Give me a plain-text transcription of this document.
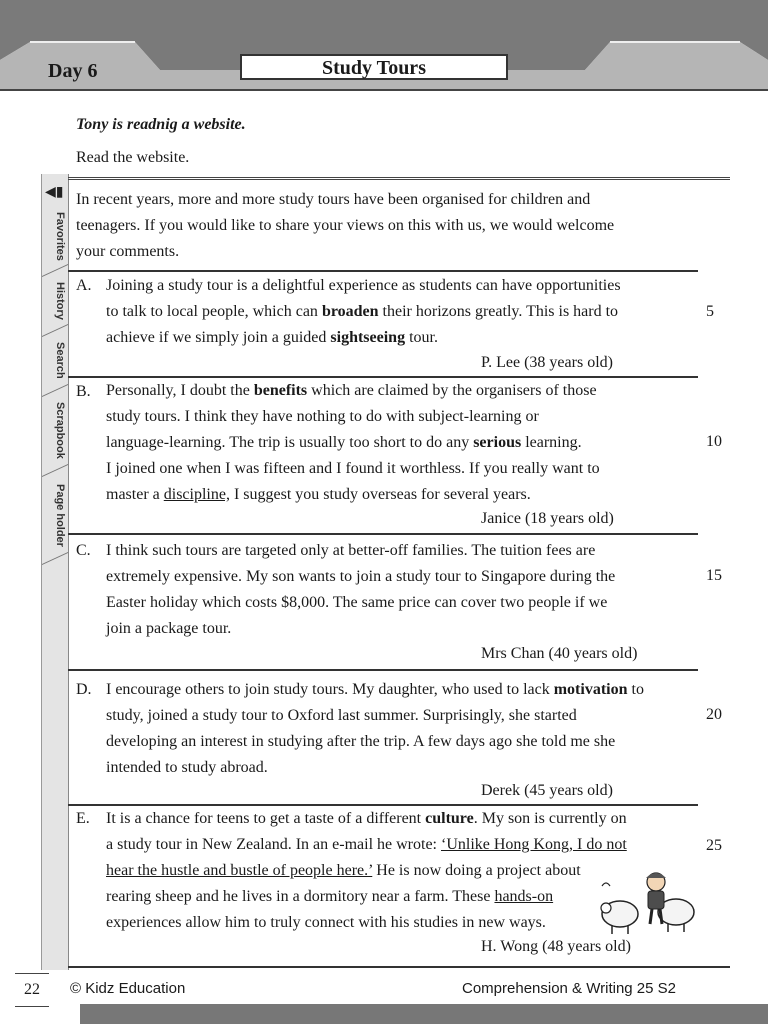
Day 6	Study Tours
Tony is readnig a website.
Read the website.
◀▮
Favorites
History
Search
Scrapbook
Page holder
In recent years, more and more study tours have been organised for children and
teenagers. If you would like to share your views on this with us, we would welcome
your comments.
A. Joining a study tour is a delightful experience as students can have opportunities
to talk to local people, which can broaden their horizons greatly. This is hard to
achieve if we simply join a guided sightseeing tour.
P. Lee (38 years old)
5
B. Personally, I doubt the benefits which are claimed by the organisers of those
study tours. I think they have nothing to do with subject-learning or
language-learning. The trip is usually too short to do any serious learning.
I joined one when I was fifteen and I found it worthless. If you really want to
master a discipline, I suggest you study overseas for several years.
Janice (18 years old)
10
C. I think such tours are targeted only at better-off families. The tuition fees are
extremely expensive. My son wants to join a study tour to Singapore during the
Easter holiday which costs $8,000. The same price can cover two people if we
join a package tour.
Mrs Chan (40 years old)
15
D. I encourage others to join study tours. My daughter, who used to lack motivation to
study, joined a study tour to Oxford last summer. Surprisingly, she started
developing an interest in studying after the trip. A few days ago she told me she
intended to study abroad.
Derek (45 years old)
20
E. It is a chance for teens to get a taste of a different culture. My son is currently on
a study tour in New Zealand. In an e-mail he wrote: ‘Unlike Hong Kong, I do not
hear the hustle and bustle of people here.’ He is now doing a project about
rearing sheep and he lives in a dormitory near a farm. These hands-on
experiences allow him to truly connect with his studies in new ways.
H. Wong (48 years old)
25
22	© Kidz Education	Comprehension & Writing 25 S2
